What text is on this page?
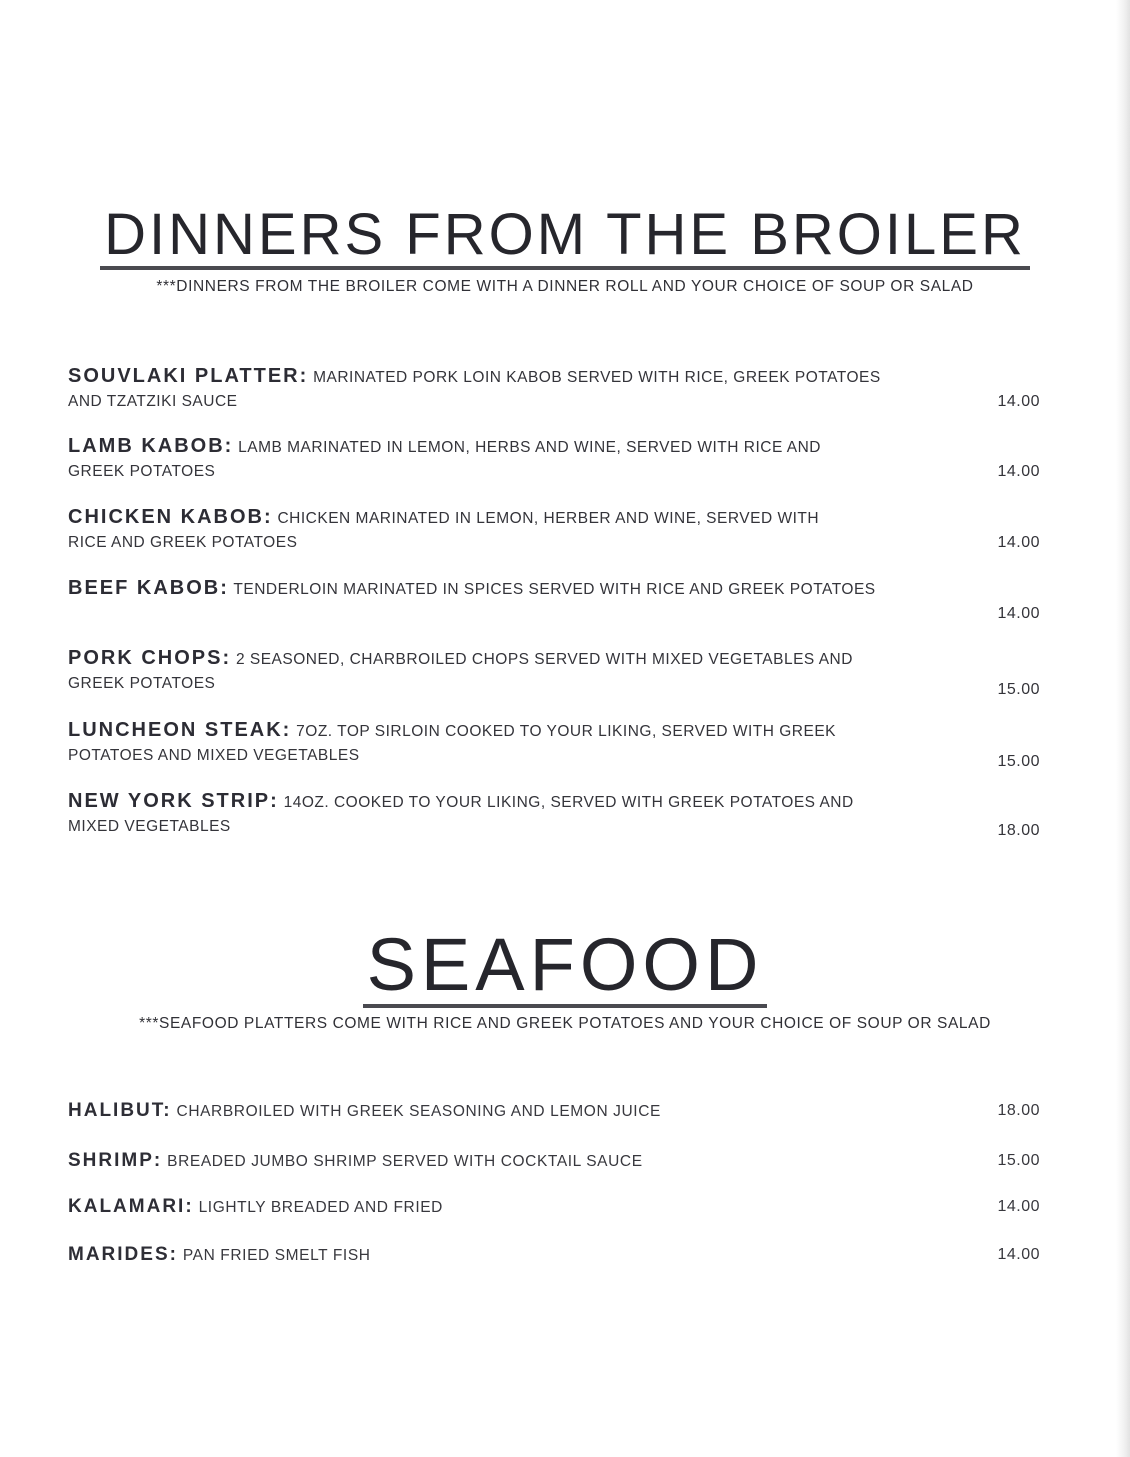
DINNERS FROM THE BROILER

***DINNERS FROM THE BROILER COME WITH A DINNER ROLL AND YOUR CHOICE OF SOUP OR SALAD

SOUVLAKI PLATTER: MARINATED PORK LOIN KABOB SERVED WITH RICE, GREEK POTATOES
AND TZATZIKI SAUCE	14.00
LAMB KABOB: LAMB MARINATED IN LEMON, HERBS AND WINE, SERVED WITH RICE AND
GREEK POTATOES	14.00
CHICKEN KABOB: CHICKEN MARINATED IN LEMON, HERBER AND WINE, SERVED WITH
RICE AND GREEK POTATOES	14.00
BEEF KABOB: TENDERLOIN MARINATED IN SPICES SERVED WITH RICE AND GREEK POTATOES
14.00
PORK CHOPS: 2 SEASONED, CHARBROILED CHOPS SERVED WITH MIXED VEGETABLES AND
GREEK POTATOES	15.00
LUNCHEON STEAK: 7OZ. TOP SIRLOIN COOKED TO YOUR LIKING, SERVED WITH GREEK
POTATOES AND MIXED VEGETABLES	15.00
NEW YORK STRIP: 14OZ. COOKED TO YOUR LIKING, SERVED WITH GREEK POTATOES AND
MIXED VEGETABLES	18.00
SEAFOOD

***SEAFOOD PLATTERS COME WITH RICE AND GREEK POTATOES AND YOUR CHOICE OF SOUP OR SALAD

HALIBUT: CHARBROILED WITH GREEK SEASONING AND LEMON JUICE	18.00
SHRIMP: BREADED JUMBO SHRIMP SERVED WITH COCKTAIL SAUCE	15.00
KALAMARI: LIGHTLY BREADED AND FRIED	14.00
MARIDES: PAN FRIED SMELT FISH	14.00
